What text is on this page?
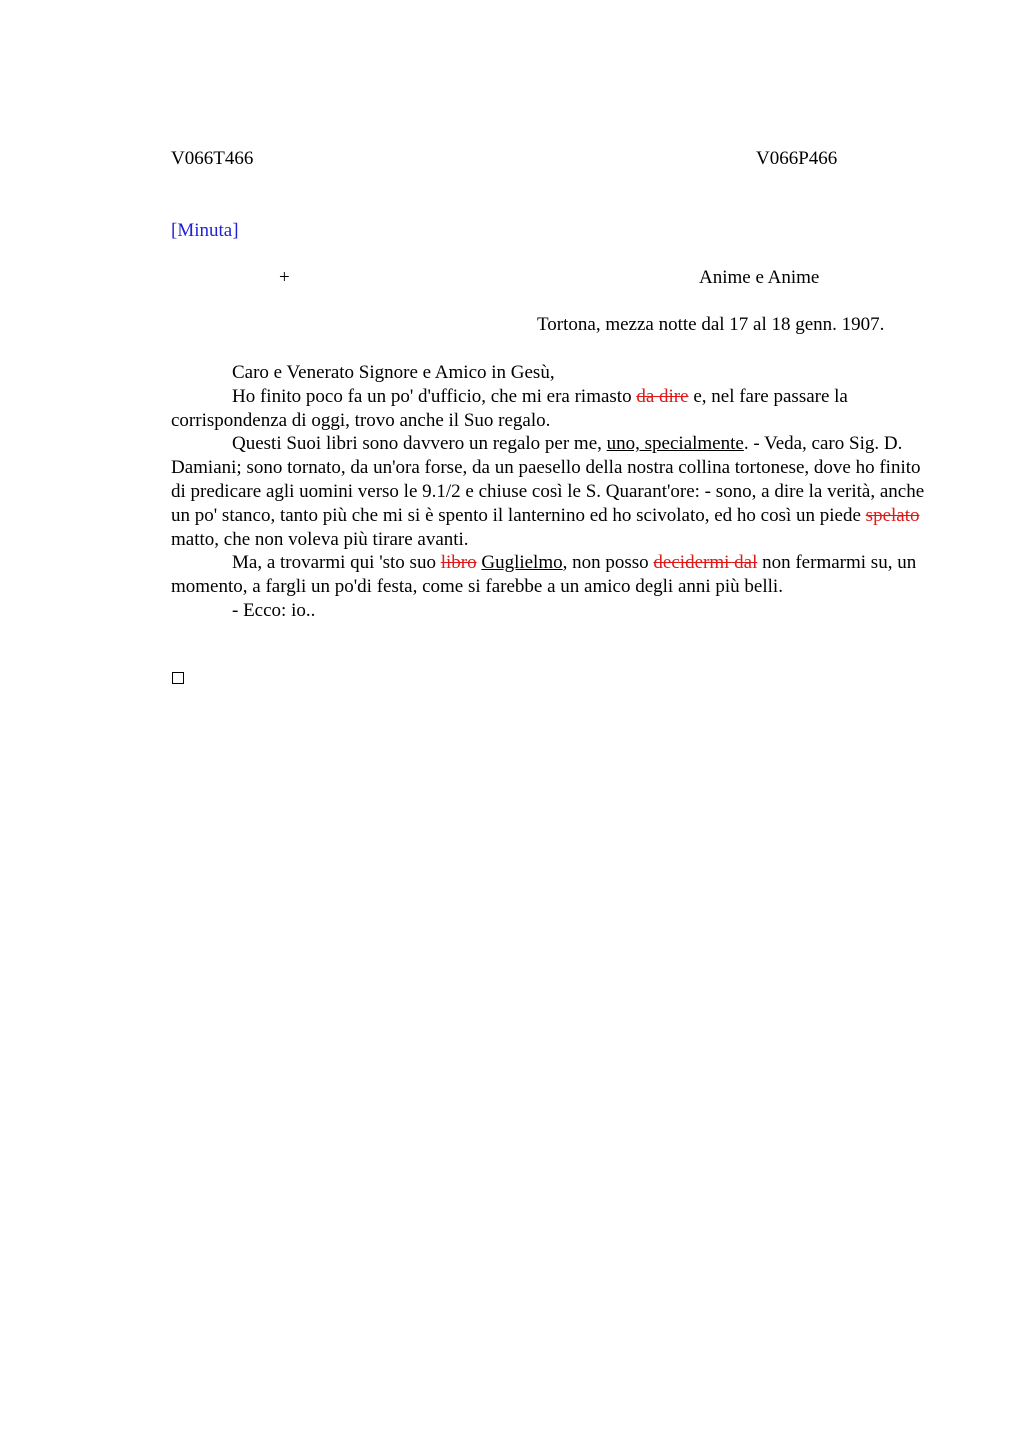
V066T466	V066P466
[Minuta]
+	Anime e Anime
Tortona, mezza notte dal 17 al 18 genn. 1907.

Caro e Venerato Signore e Amico in Gesù,

Ho finito poco fa un po' d'ufficio, che mi era rimasto da dire e, nel fare passare la corrispondenza di oggi, trovo anche il Suo regalo.

Questi Suoi libri sono davvero un regalo per me, uno, specialmente. - Veda, caro Sig. D. Damiani; sono tornato, da un'ora forse, da un paesello della nostra collina tortonese, dove ho finito di predicare agli uomini verso le 9.1/2 e chiuse così le S. Quarant'ore: - sono, a dire la verità, anche un po' stanco, tanto più che mi si è spento il lanternino ed ho scivolato, ed ho così un piede spelato matto, che non voleva più tirare avanti.

Ma, a trovarmi qui 'sto suo libro Guglielmo, non posso decidermi dal non fermarmi su, un momento, a fargli un po'di festa, come si farebbe a un amico degli anni più belli.

- Ecco: io..
